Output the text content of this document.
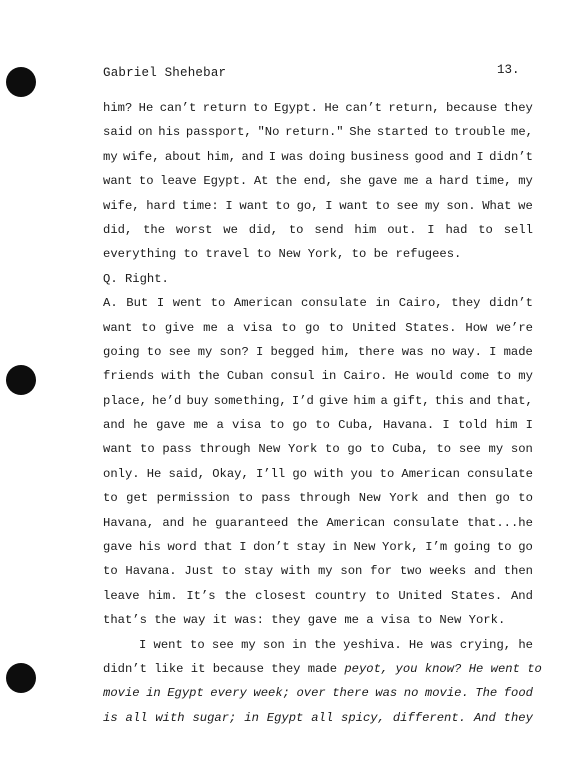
Gabriel Shehebar	13.
him? He can’t return to Egypt. He can’t return, because they
said on his passport, "No return." She started to trouble me,
my wife, about him, and I was doing business good and I didn’t
want to leave Egypt. At the end, she gave me a hard time, my
wife, hard time: I want to go, I want to see my son. What we
did, the worst we did, to send him out. I had to sell
everything to travel to New York, to be refugees.
Q. Right.
A. But I went to American consulate in Cairo, they didn’t
want to give me a visa to go to United States. How we’re
going to see my son? I begged him, there was no way. I made
friends with the Cuban consul in Cairo. He would come to my
place, he’d buy something, I’d give him a gift, this and that,
and he gave me a visa to go to Cuba, Havana. I told him I
want to pass through New York to go to Cuba, to see my son
only. He said, Okay, I’ll go with you to American consulate
to get permission to pass through New York and then go to
Havana, and he guaranteed the American consulate that...he
gave his word that I don’t stay in New York, I’m going to go
to Havana. Just to stay with my son for two weeks and then
leave him. It’s the closest country to United States. And
that’s the way it was: they gave me a visa to New York.
I went to see my son in the yeshiva. He was crying, he
didn’t like it because they made peyot, you know? He went to
movie in Egypt every week; over there was no movie. The food
is all with sugar; in Egypt all spicy, different. And they
